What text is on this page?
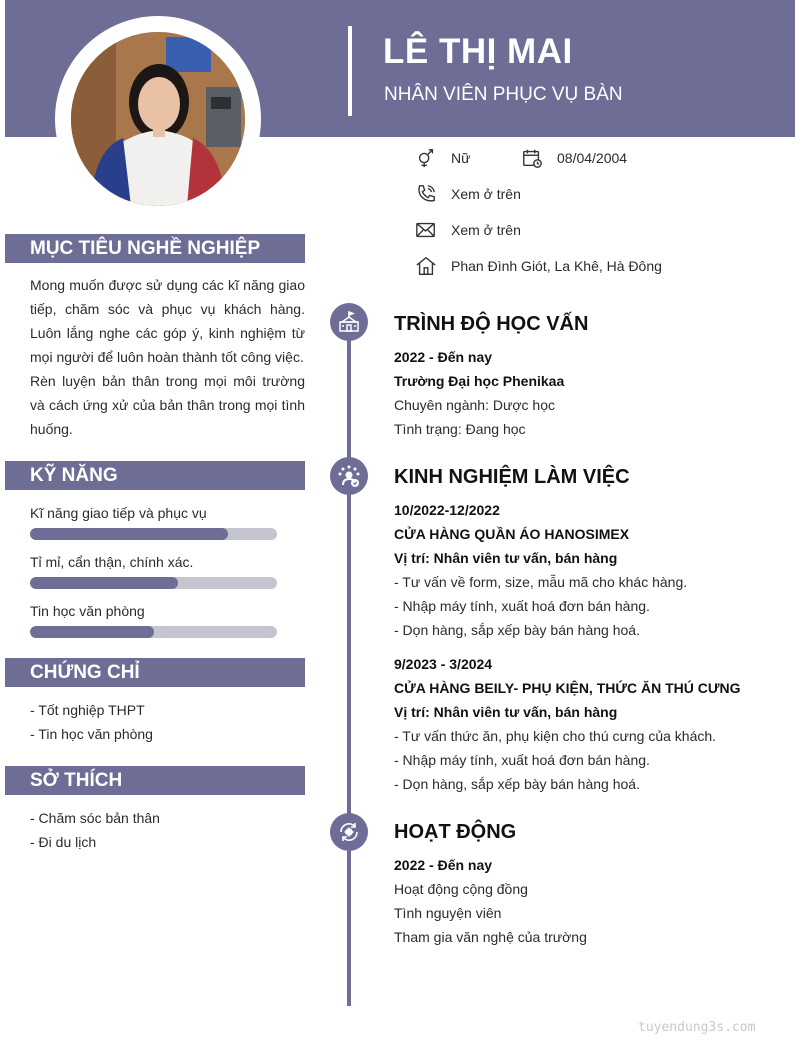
LÊ THỊ MAI
NHÂN VIÊN PHỤC VỤ BÀN
Nữ	08/04/2004
Xem ở trên
Xem ở trên
Phan Đình Giót, La Khê, Hà Đông
MỤC TIÊU NGHỀ NGHIỆP

Mong muốn được sử dụng các kĩ năng giao tiếp, chăm sóc và phục vụ khách hàng. Luôn lắng nghe các góp ý, kinh nghiệm từ mọi người để luôn hoàn thành tốt công việc.

Rèn luyện bản thân trong mọi môi trường và cách ứng xử của bản thân trong mọi tình huống.

KỸ NĂNG
Kĩ năng giao tiếp và phục vụ
Tỉ mỉ, cẩn thận, chính xác.
Tin học văn phòng
CHỨNG CHỈ
- Tốt nghiệp THPT
- Tin học văn phòng
SỞ THÍCH
- Chăm sóc bản thân
- Đi du lịch
TRÌNH ĐỘ HỌC VẤN
2022 - Đến nay
Trường Đại học Phenikaa
Chuyên ngành: Dược học
Tình trạng: Đang học
KINH NGHIỆM LÀM VIỆC
10/2022-12/2022
CỬA HÀNG QUẦN ÁO HANOSIMEX
Vị trí: Nhân viên tư vấn, bán hàng
- Tư vấn về form, size, mẫu mã cho khác hàng.
- Nhập máy tính, xuất hoá đơn bán hàng.
- Dọn hàng, sắp xếp bày bán hàng hoá.
9/2023 - 3/2024
CỬA HÀNG BEILY- PHỤ KIỆN, THỨC ĂN THÚ CƯNG
Vị trí: Nhân viên tư vấn, bán hàng
- Tư vấn thức ăn, phụ kiện cho thú cưng của khách.
- Nhập máy tính, xuất hoá đơn bán hàng.
- Dọn hàng, sắp xếp bày bán hàng hoá.
HOẠT ĐỘNG
2022 - Đến nay
Hoạt động cộng đồng
Tình nguyện viên
Tham gia văn nghệ của trường
tuyendung3s.com
